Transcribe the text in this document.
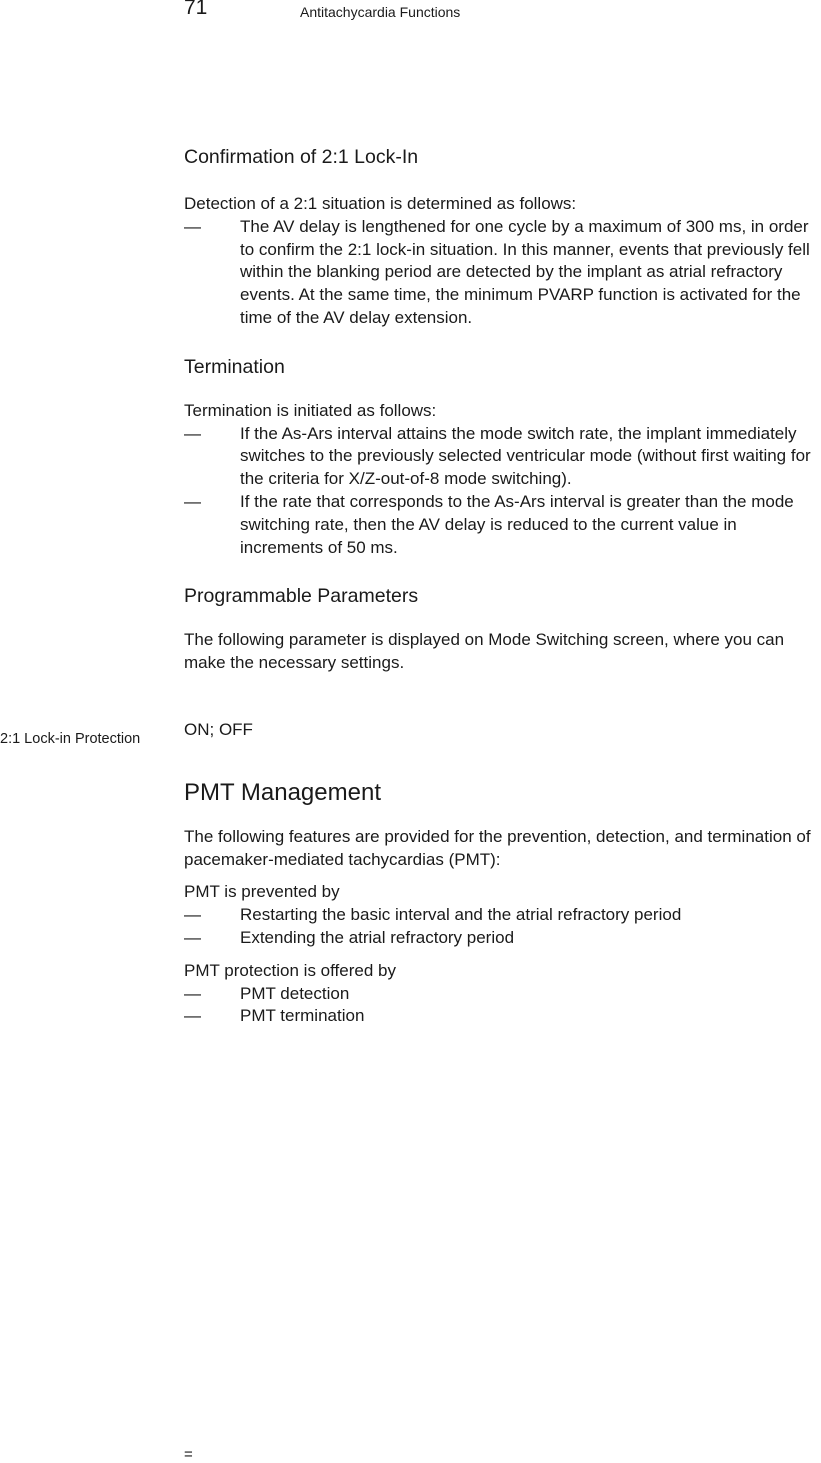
71	Antitachycardia Functions
Confirmation of 2:1 Lock-In

Detection of a 2:1 situation is determined as follows:

— The AV delay is lengthened for one cycle by a maximum of 300 ms, in order to confirm the 2:1 lock-in situation. In this manner, events that previously fell within the blanking period are detected by the implant as atrial refractory events. At the same time, the minimum PVARP function is activated for the time of the AV delay extension.
Termination

Termination is initiated as follows:

— If the As-Ars interval attains the mode switch rate, the implant immediately switches to the previously selected ventricular mode (without first waiting for the criteria for X/Z-out-of-8 mode switching).
— If the rate that corresponds to the As-Ars interval is greater than the mode switching rate, then the AV delay is reduced to the current value in increments of 50 ms.
Programmable Parameters

The following parameter is displayed on Mode Switching screen, where you can make the necessary settings.

ON; OFF

PMT Management

The following features are provided for the prevention, detection, and termination of pacemaker-mediated tachycardias (PMT):

PMT is prevented by

— Restarting the basic interval and the atrial refractory period
— Extending the atrial refractory period

PMT protection is offered by

— PMT detection
— PMT termination
2:1 Lock-in Protection
=
